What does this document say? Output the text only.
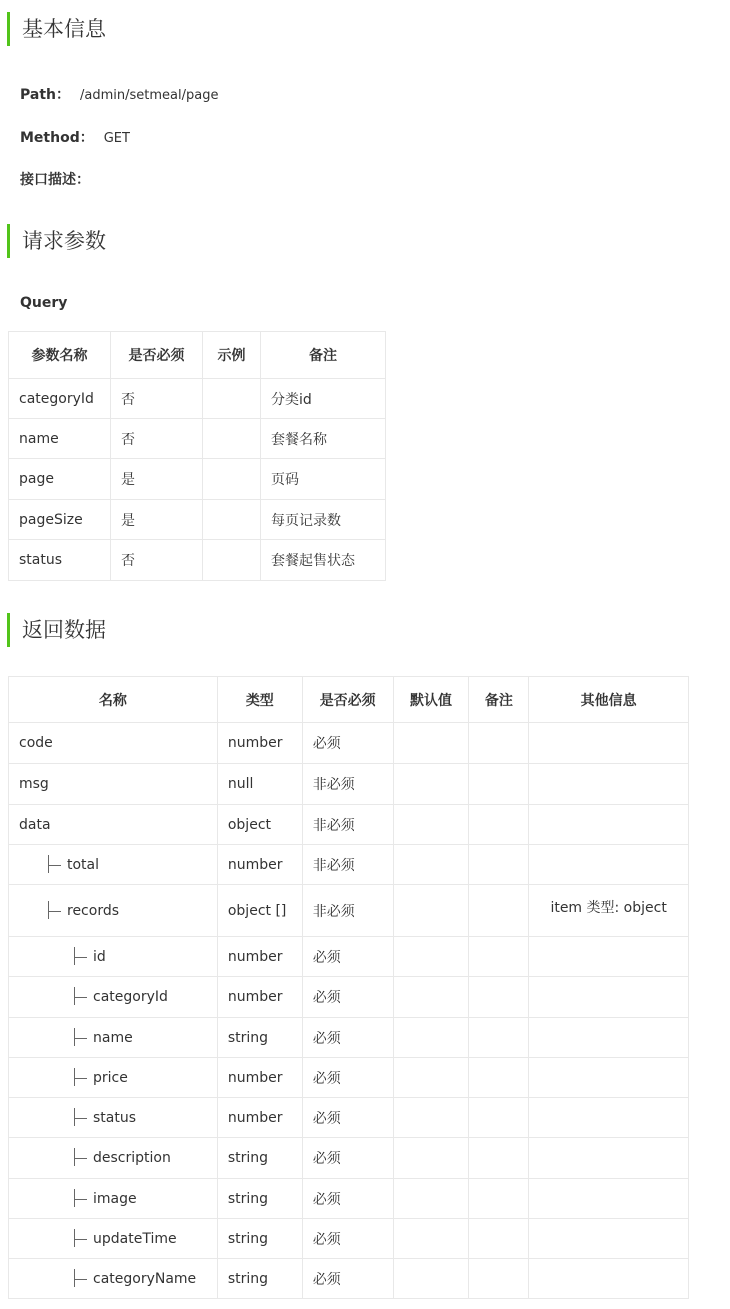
基本信息
Path： /admin/setmeal/page
Method： GET
接口描述：
请求参数
Query
参数名称	是否必须	示例	备注
categoryId	否		分类id
name	否		套餐名称
page	是		页码
pageSize	是		每页记录数
status	否		套餐起售状态
返回数据
名称	类型	是否必须	默认值	备注	其他信息
code	number	必须			
msg	null	非必须			
data	object	非必须			
total	number	非必须			
records	object []	非必须			item 类型: object
id	number	必须			
categoryId	number	必须			
name	string	必须			
price	number	必须			
status	number	必须			
description	string	必须			
image	string	必须			
updateTime	string	必须			
categoryName	string	必须			
